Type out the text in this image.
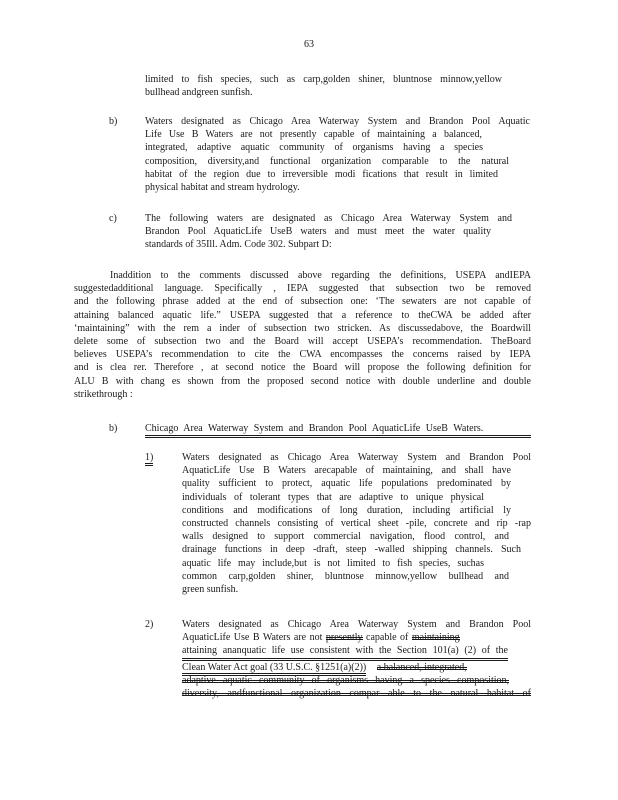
63
limited to fish species, such as carp,golden shiner, bluntnose minnow,yellow
bullhead andgreen sunfish.
b)	Waters designated as Chicago Area Waterway System and Brandon Pool Aquatic
Life Use B Waters are not presently capable of maintaining a balanced,
integrated, adaptive aquatic community of organisms having a species
composition, diversity,and functional organization comparable to the natural
habitat of the region due to irreversible modi fications that result in limited
physical habitat and stream hydrology.
c)	The following waters are designated as Chicago Area Waterway System and
Brandon Pool AquaticLife UseB waters and must meet the water quality
standards of 35Ill. Adm. Code 302. Subpart D:
Inaddition to the comments discussed above regarding the definitions, USEPA andIEPA
suggestedadditional language. Specifically , IEPA suggested that subsection two be removed
and the following phrase added at the end of subsection one: ‘The sewaters are not capable of
attaining balanced aquatic life.” USEPA suggested that a reference to theCWA be added after
‘maintaining” with the rem a inder of subsection two stricken. As discussedabove, the Boardwill
delete some of subsection two and the Board will accept USEPA’s recommendation. TheBoard
believes USEPA’s recommendation to cite the CWA encompasses the concerns raised by IEPA
and is clea rer. Therefore , at second notice the Board will propose the following definition for
ALU B with chang es shown from the proposed second notice with double underline and double
strikethrough :
b)	Chicago Area Waterway System and Brandon Pool AquaticLife UseB Waters.
1)	Waters designated as Chicago Area Waterway System and Brandon Pool
AquaticLife Use B Waters arecapable of maintaining, and shall have
quality sufficient to protect, aquatic life populations predominated by
individuals of tolerant types that are adaptive to unique physical
conditions and modifications of long duration, including artificial ly
constructed channels consisting of vertical sheet -pile, concrete and rip -rap
walls designed to support commercial navigation, flood control, and
drainage functions in deep -draft, steep -walled shipping channels. Such
aquatic life may include,but is not limited to fish species, suchas
common carp,golden shiner, bluntnose minnow,yellow bullhead and
green sunfish.
2)	Waters designated as Chicago Area Waterway System and Brandon Pool
AquaticLife Use B Waters are not presently capable of maintaining
attaining ananquatic life use consistent with the Section 101(a) (2) of the
Clean Water Act goal (33 U.S.C. §1251(a)(2)) a balanced, integrated,
adaptive aquatic community of organisms having a species composition,
diversity, andfunctional organization compar able to the natural habitat of
